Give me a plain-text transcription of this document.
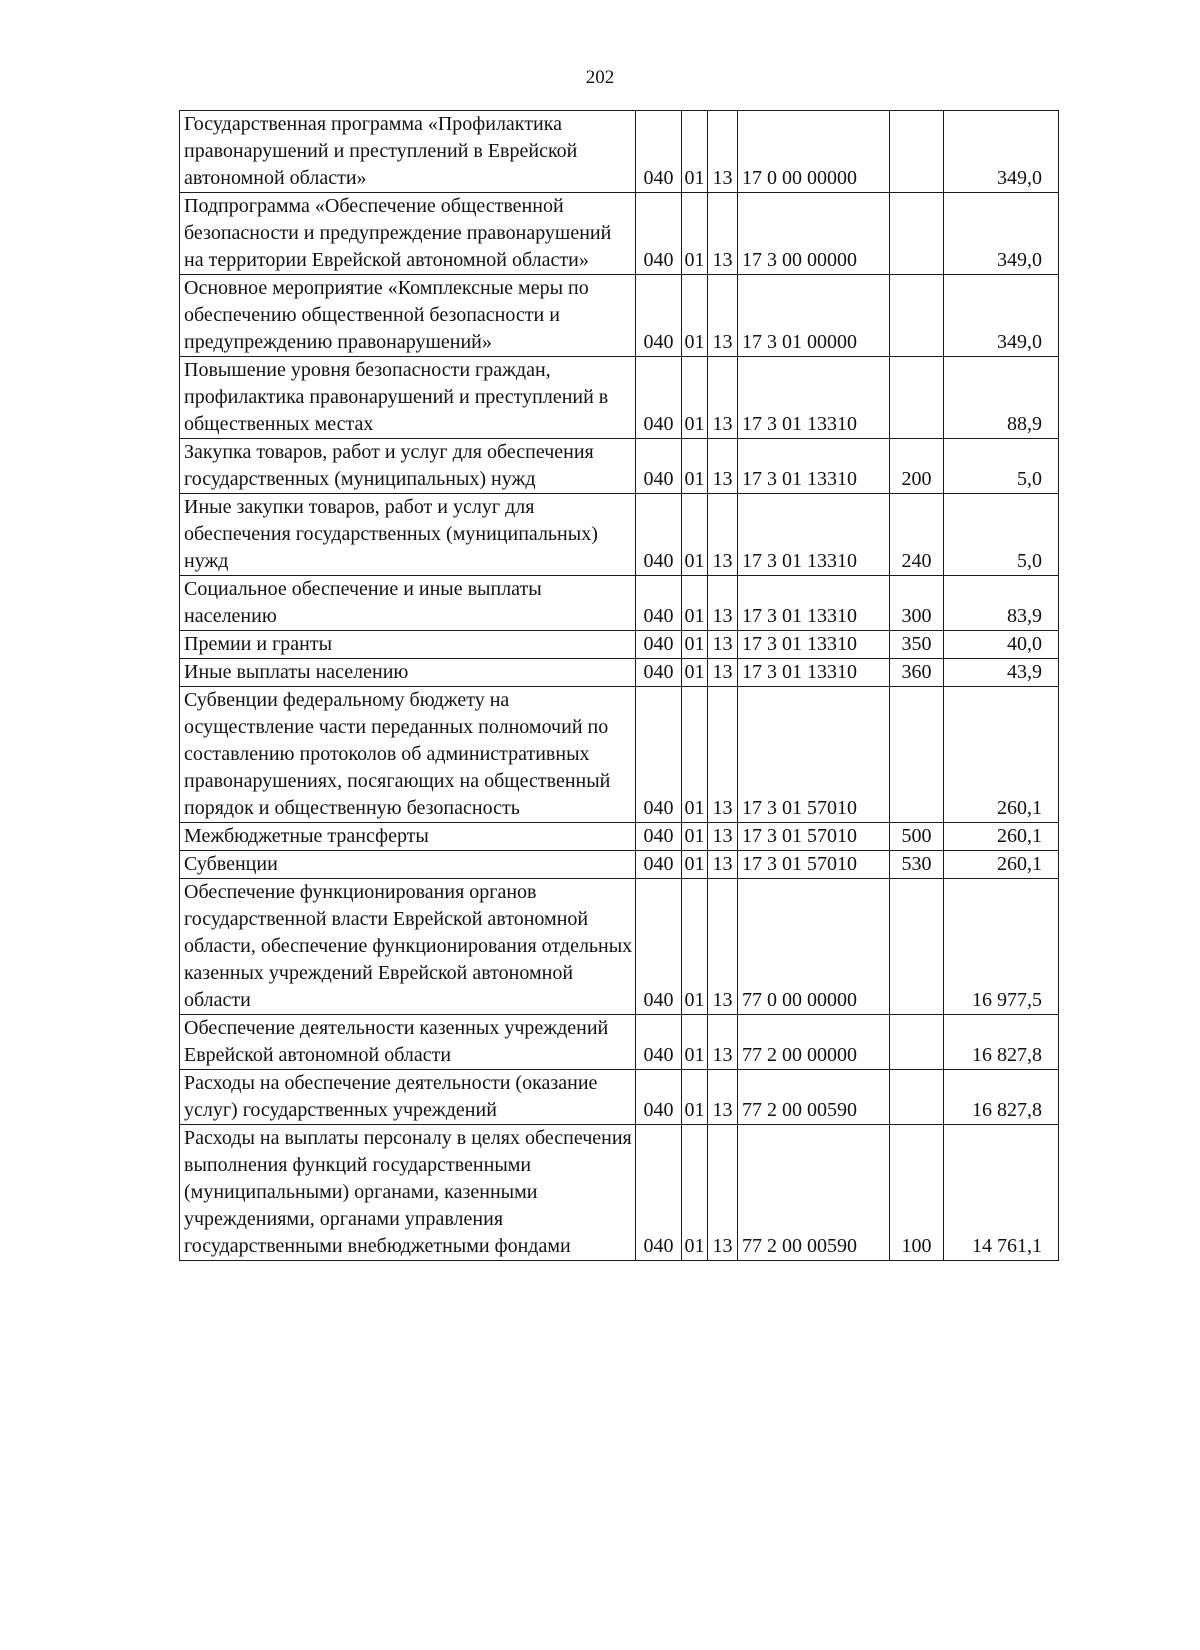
202
Государственная программа «Профилактика правонарушений и преступлений в Еврейской автономной области»	040	01	13	17 0 00 00000		349,0
Подпрограмма «Обеспечение общественной безопасности и предупреждение правонарушений на территории Еврейской автономной области»	040	01	13	17 3 00 00000		349,0
Основное мероприятие «Комплексные меры по обеспечению общественной безопасности и предупреждению правонарушений»	040	01	13	17 3 01 00000		349,0
Повышение уровня безопасности граждан, профилактика правонарушений и преступлений в общественных местах	040	01	13	17 3 01 13310		88,9
Закупка товаров, работ и услуг для обеспечения государственных (муниципальных) нужд	040	01	13	17 3 01 13310	200	5,0
Иные закупки товаров, работ и услуг для обеспечения государственных (муниципальных) нужд	040	01	13	17 3 01 13310	240	5,0
Социальное обеспечение и иные выплаты населению	040	01	13	17 3 01 13310	300	83,9
Премии и гранты	040	01	13	17 3 01 13310	350	40,0
Иные выплаты населению	040	01	13	17 3 01 13310	360	43,9
Субвенции федеральному бюджету на осуществление части переданных полномочий по составлению протоколов об административных правонарушениях, посягающих на общественный порядок и общественную безопасность	040	01	13	17 3 01 57010		260,1
Межбюджетные трансферты	040	01	13	17 3 01 57010	500	260,1
Субвенции	040	01	13	17 3 01 57010	530	260,1
Обеспечение функционирования органов государственной власти Еврейской автономной области, обеспечение функционирования отдельных казенных учреждений Еврейской автономной области	040	01	13	77 0 00 00000		16 977,5
Обеспечение деятельности казенных учреждений Еврейской автономной области	040	01	13	77 2 00 00000		16 827,8
Расходы на обеспечение деятельности (оказание услуг) государственных учреждений	040	01	13	77 2 00 00590		16 827,8
Расходы на выплаты персоналу в целях обеспечения выполнения функций государственными (муниципальными) органами, казенными учреждениями, органами управления государственными внебюджетными фондами	040	01	13	77 2 00 00590	100	14 761,1
